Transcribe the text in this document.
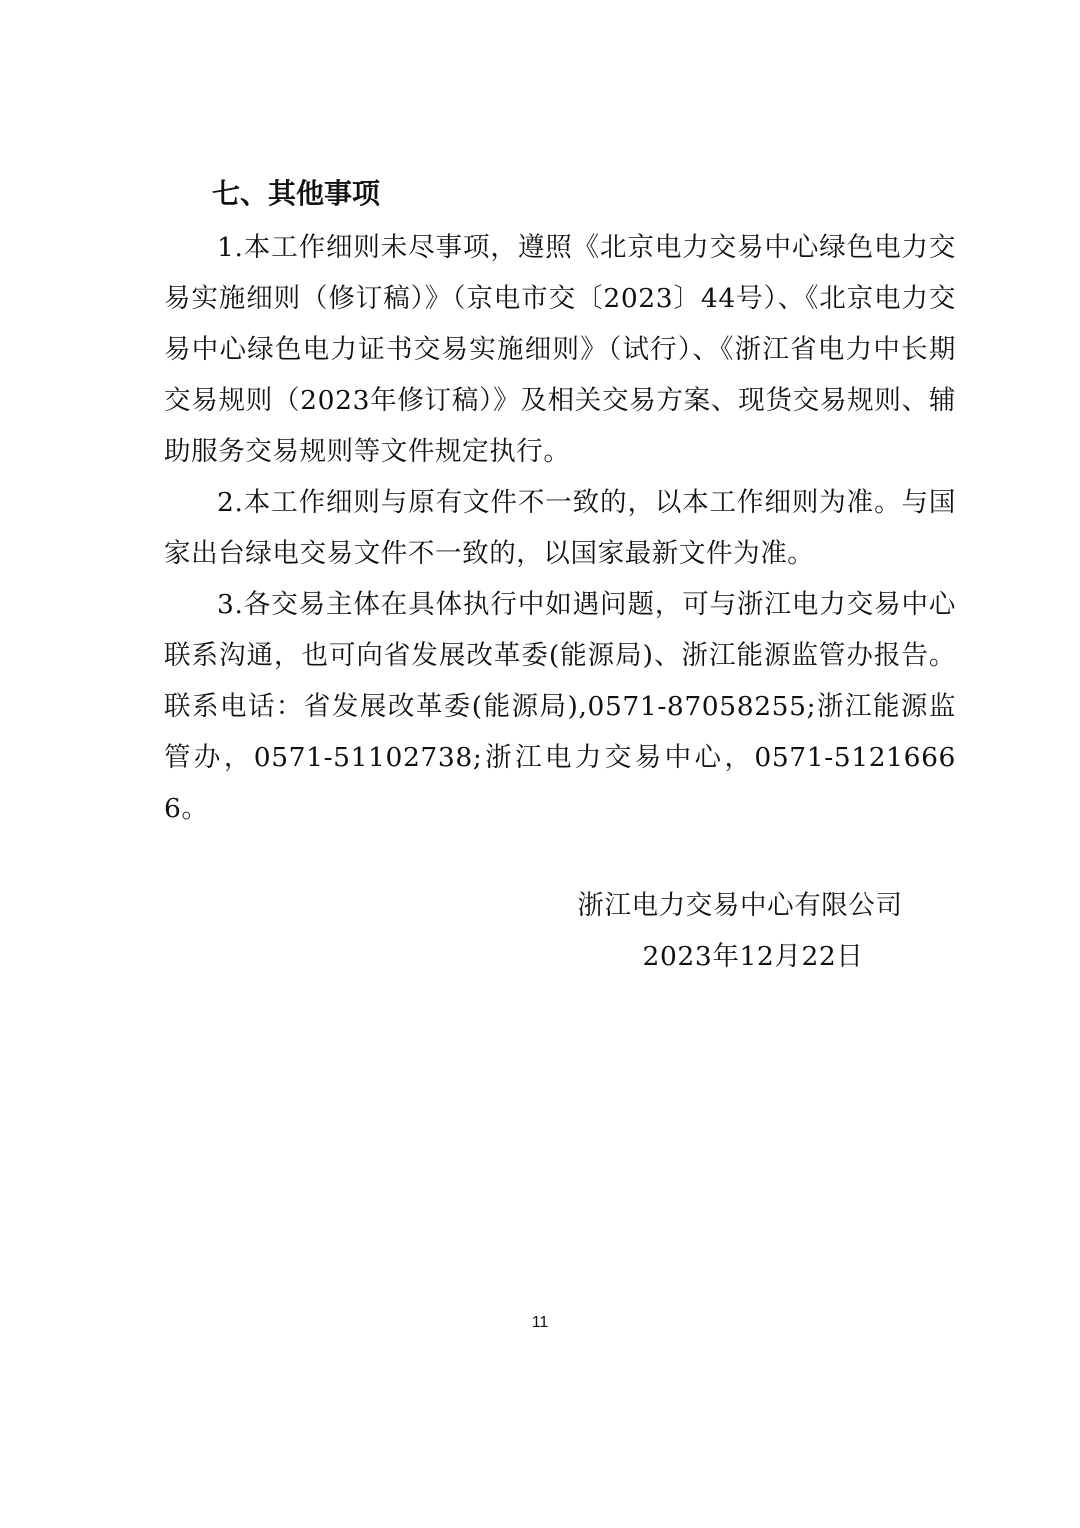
七、其他事项

1.本工作细则未尽事项，遵照《北京电力交易中心绿色电力交易实施细则（修订稿）》（京电市交〔2023〕44号）、《北京电力交易中心绿色电力证书交易实施细则》（试行）、《浙江省电力中长期交易规则（2023年修订稿）》及相关交易方案、现货交易规则、辅助服务交易规则等文件规定执行。

2.本工作细则与原有文件不一致的，以本工作细则为准。与国家出台绿电交易文件不一致的，以国家最新文件为准。

3.各交易主体在具体执行中如遇问题，可与浙江电力交易中心联系沟通，也可向省发展改革委(能源局)、浙江能源监管办报告。联系电话：省发展改革委(能源局),0571-87058255;浙江能源监管办，0571-51102738;浙江电力交易中心，0571-51216666。

浙江电力交易中心有限公司
2023年12月22日
11
